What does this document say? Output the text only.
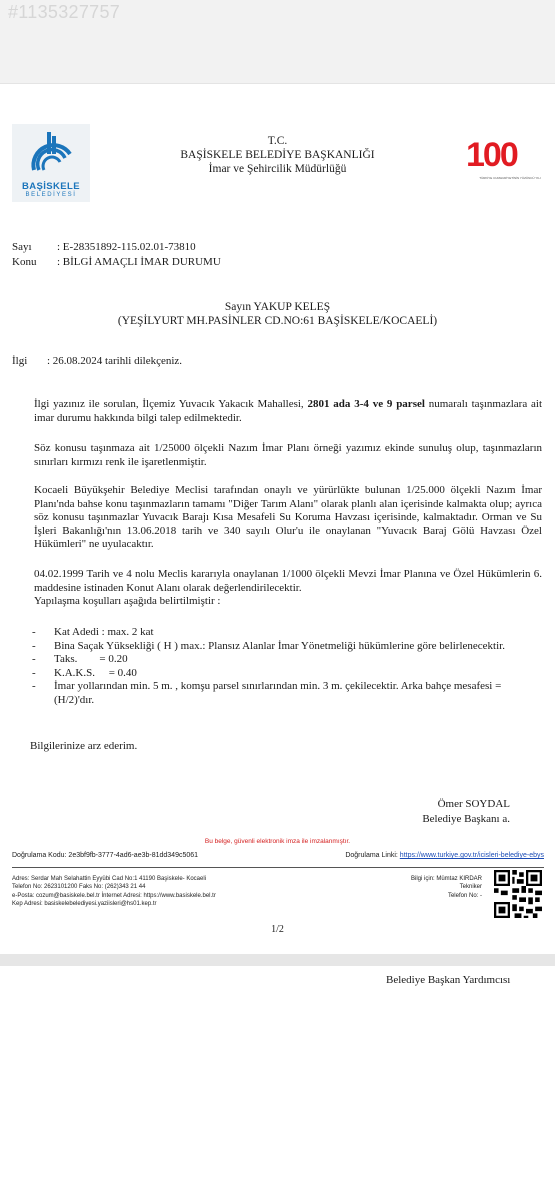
#1135327757
BAŞİSKELE
BELEDİYESİ
T.C.
BAŞİSKELE BELEDİYE BAŞKANLIĞI
İmar ve Şehircilik Müdürlüğü	100
TÜRKİYE CUMHURİYETİNİN YÜZÜNCÜ YILI
Sayı	: E-28351892-115.02.01-73810
Konu	: BİLGİ AMAÇLI İMAR DURUMU
Sayın YAKUP KELEŞ
(YEŞİLYURT MH.PASİNLER CD.NO:61 BAŞİSKELE/KOCAELİ)
İlgi	: 26.08.2024 tarihli dilekçeniz.
İlgi yazınız ile sorulan, İlçemiz Yuvacık Yakacık Mahallesi, 2801 ada 3-4 ve 9 parsel numaralı taşınmazlara ait imar durumu hakkında bilgi talep edilmektedir.
Söz konusu taşınmaza ait 1/25000 ölçekli Nazım İmar Planı örneği yazımız ekinde sunuluş olup, taşınmazların sınırları kırmızı renk ile işaretlenmiştir.
Kocaeli Büyükşehir Belediye Meclisi tarafından onaylı ve yürürlükte bulunan 1/25.000 ölçekli Nazım İmar Planı'nda bahse konu taşınmazların tamamı "Diğer Tarım Alanı" olarak planlı alan içerisinde kalmakta olup; ayrıca söz konusu taşınmazlar Yuvacık Barajı Kısa Mesafeli Su Koruma Havzası içerisinde, kalmaktadır. Orman ve Su İşleri Bakanlığı'nın 13.06.2018 tarih ve 340 sayılı Olur'u ile onaylanan "Yuvacık Baraj Gölü Havzası Özel Hükümleri" ne uyulacaktır.
04.02.1999 Tarih ve 4 nolu Meclis kararıyla onaylanan 1/1000 ölçekli Mevzi İmar Planına ve Özel Hükümlerin 6. maddesine istinaden Konut Alanı olarak değerlendirilecektir.
Yapılaşma koşulları aşağıda belirtilmiştir :
-	Kat Adedi : max. 2 kat
-	Bina Saçak Yüksekliği ( H ) max.: Plansız Alanlar İmar Yönetmeliği hükümlerine göre belirlenecektir.
-	Taks.        = 0.20
-	K.A.K.S.     = 0.40
-	İmar yollarından min. 5 m. , komşu parsel sınırlarından min. 3 m. çekilecektir. Arka bahçe mesafesi = (H/2)'dır.
Bilgilerinize arz ederim.
Ömer SOYDAL
Belediye Başkanı a.
Bu belge, güvenli elektronik imza ile imzalanmıştır.
Doğrulama Kodu: 2e3bf9fb-3777-4ad6-ae3b-81dd349c5061	Doğrulama Linki: https://www.turkiye.gov.tr/icisleri-belediye-ebys
Adres: Serdar Mah Selahattin Eyyübi Cad No:1 41190 Başiskele- Kocaeli
Telefon No: 2623101200 Faks No: (262)343 21 44
e-Posta: cozum@basiskele.bel.tr İnternet Adresi: https://www.basiskele.bel.tr
Kep Adresi: basiskelebelediyesi.yaziisleri@hs01.kep.tr
Bilgi için: Mümtaz KIRDAR
Tekniker
Telefon No: -
1/2
Belediye Başkan Yardımcısı
